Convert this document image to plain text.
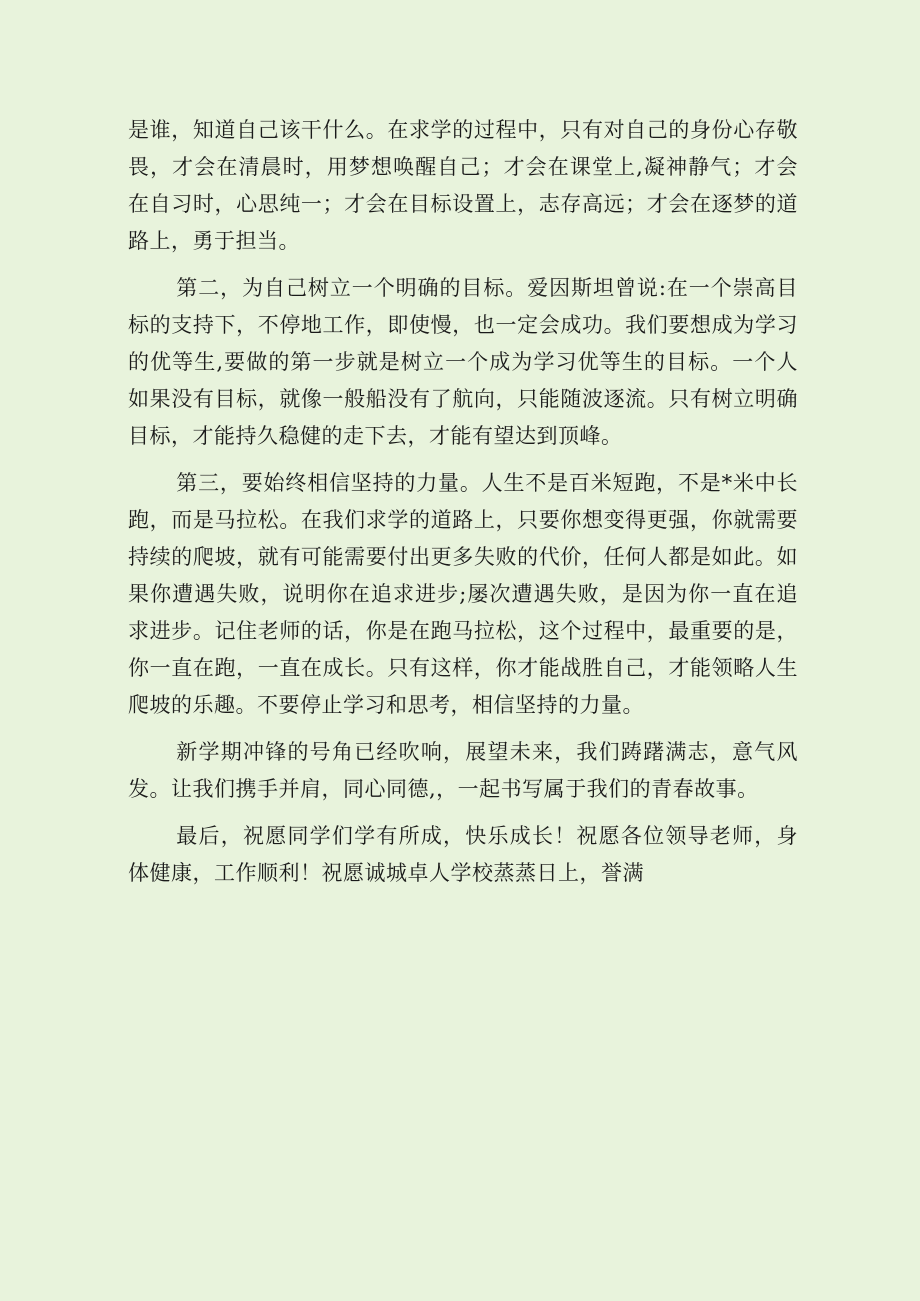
是谁，知道自己该干什么。在求学的过程中，只有对自己的身份心存敬畏，才会在清晨时，用梦想唤醒自己；才会在课堂上,凝神静气；才会在自习时，心思纯一；才会在目标设置上，志存高远；才会在逐梦的道路上，勇于担当。

第二，为自己树立一个明确的目标。爱因斯坦曾说:在一个崇高目标的支持下，不停地工作，即使慢，也一定会成功。我们要想成为学习的优等生,要做的第一步就是树立一个成为学习优等生的目标。一个人如果没有目标，就像一般船没有了航向，只能随波逐流。只有树立明确目标，才能持久稳健的走下去，才能有望达到顶峰。

第三，要始终相信坚持的力量。人生不是百米短跑，不是*米中长跑，而是马拉松。在我们求学的道路上，只要你想变得更强，你就需要持续的爬坡，就有可能需要付出更多失败的代价，任何人都是如此。如果你遭遇失败，说明你在追求进步;屡次遭遇失败，是因为你一直在追求进步。记住老师的话，你是在跑马拉松，这个过程中，最重要的是，你一直在跑，一直在成长。只有这样，你才能战胜自己，才能领略人生爬坡的乐趣。不要停止学习和思考，相信坚持的力量。

新学期冲锋的号角已经吹响，展望未来，我们踌躇满志，意气风发。让我们携手并肩，同心同德,，一起书写属于我们的青春故事。

最后，祝愿同学们学有所成，快乐成长！祝愿各位领导老师，身体健康，工作顺利！祝愿诚城卓人学校蒸蒸日上，誉满
